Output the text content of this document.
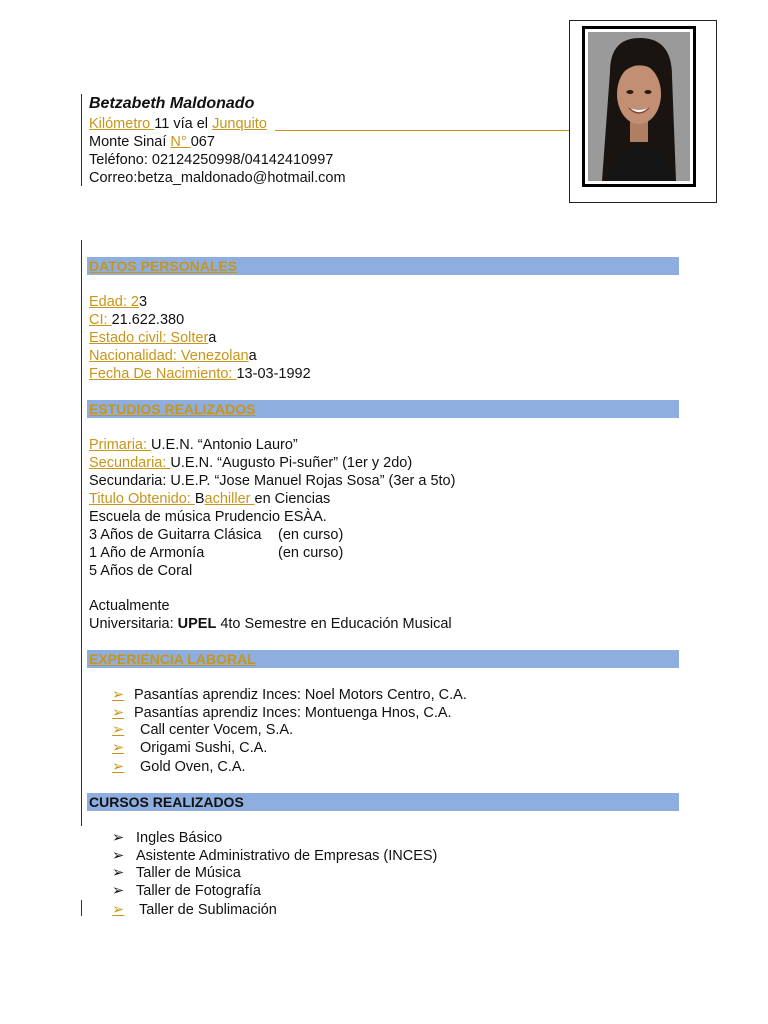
Betzabeth Maldonado
Kilómetro 11 vía el Junquito
Monte Sinaí N° 067
Teléfono: 02124250998/04142410997
Correo:betza_maldonado@hotmail.com
DATOS PERSONALES
Edad: 23
CI: 21.622.380
Estado civil: Soltera
Nacionalidad: Venezolana
Fecha De Nacimiento: 13-03-1992
ESTUDIOS REALIZADOS
Primaria: U.E.N. “Antonio Lauro”
Secundaria: U.E.N. “Augusto Pi-suñer” (1er y 2do)
Secundaria: U.E.P. “Jose Manuel Rojas Sosa” (3er a 5to)
Titulo Obtenido: Bachiller en Ciencias
Escuela de música Prudencio ESÀA.
3 Años de Guitarra Clásica (en curso)
1 Año de Armonía	(en curso)
5 Años de Coral
Actualmente
Universitaria: UPEL 4to Semestre en Educación Musical
EXPERIENCIA LABORAL
➢ Pasantías aprendiz Inces: Noel Motors Centro, C.A.
➢ Pasantías aprendiz Inces: Montuenga Hnos, C.A.
➢ Call center Vocem, S.A.
➢ Origami Sushi, C.A.
➢ Gold Oven, C.A.
CURSOS REALIZADOS
➢ Ingles Básico
➢ Asistente Administrativo de Empresas (INCES)
➢ Taller de Música
➢ Taller de Fotografía
➢ Taller de Sublimación
